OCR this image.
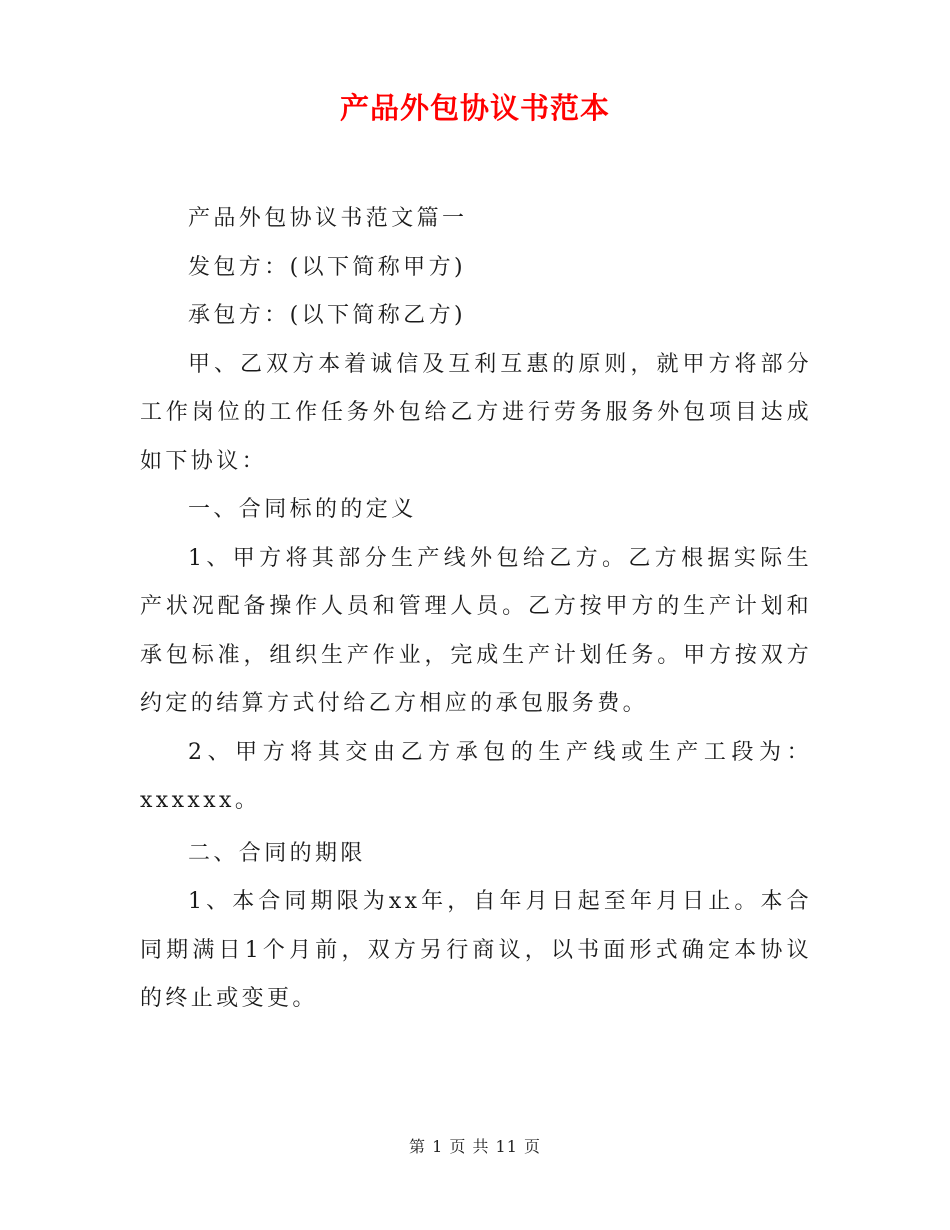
产品外包协议书范本

产品外包协议书范文篇一

发包方：(以下简称甲方)

承包方：(以下简称乙方)

甲、乙双方本着诚信及互利互惠的原则，就甲方将部分工作岗位的工作任务外包给乙方进行劳务服务外包项目达成如下协议：

一、合同标的的定义

1、甲方将其部分生产线外包给乙方。乙方根据实际生产状况配备操作人员和管理人员。乙方按甲方的生产计划和承包标准，组织生产作业，完成生产计划任务。甲方按双方约定的结算方式付给乙方相应的承包服务费。

2、甲方将其交由乙方承包的生产线或生产工段为：xxxxxx。

二、合同的期限

1、本合同期限为xx年，自年月日起至年月日止。本合同期满日1个月前，双方另行商议，以书面形式确定本协议的终止或变更。

第 1 页 共 11 页
